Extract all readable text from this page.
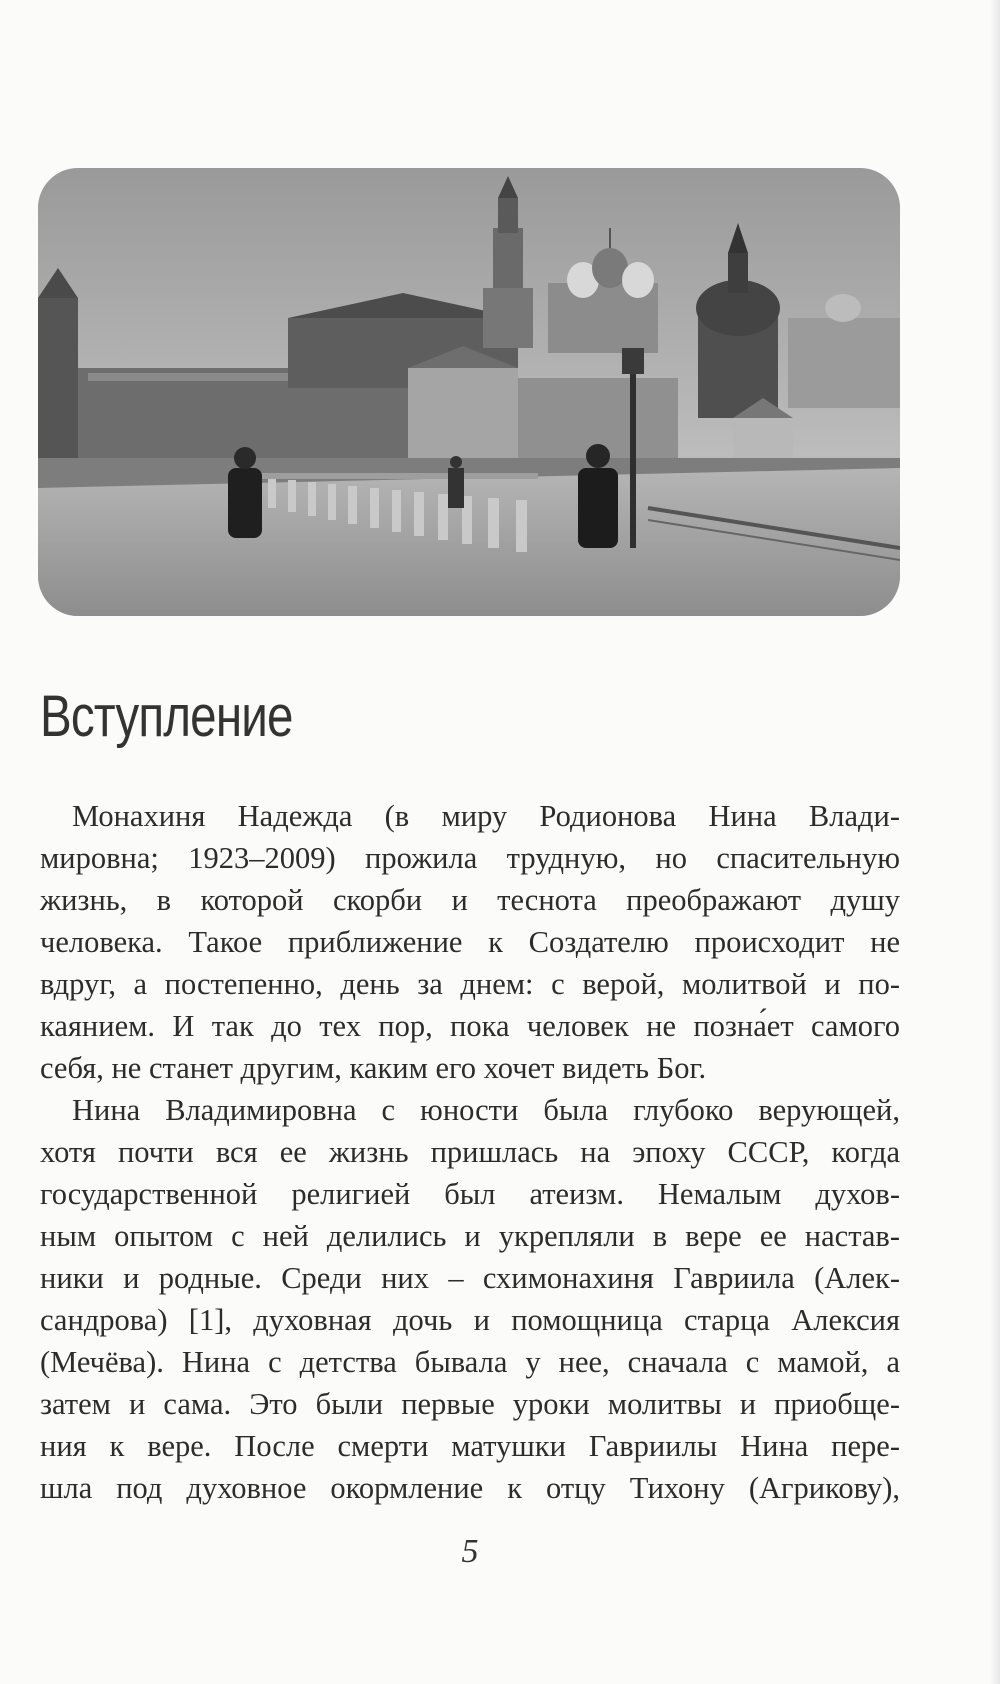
Вступление
Монахиня Надежда (в миру Родионова Нина Влади-
мировна; 1923–2009) прожила трудную, но спасительную
жизнь, в которой скорби и теснота преображают душу
человека. Такое приближение к Создателю происходит не
вдруг, а постепенно, день за днем: с верой, молитвой и по-
каянием. И так до тех пор, пока человек не позна́ет самого
себя, не станет другим, каким его хочет видеть Бог.
Нина Владимировна с юности была глубоко верующей,
хотя почти вся ее жизнь пришлась на эпоху СССР, когда
государственной религией был атеизм. Немалым духов-
ным опытом с ней делились и укрепляли в вере ее настав-
ники и родные. Среди них – схимонахиня Гавриила (Алек-
сандрова) [1], духовная дочь и помощница старца Алексия
(Мечёва). Нина с детства бывала у нее, сначала с мамой, а
затем и сама. Это были первые уроки молитвы и приобще-
ния к вере. После смерти матушки Гавриилы Нина пере-
шла под духовное окормление к отцу Тихону (Агрикову),
5
